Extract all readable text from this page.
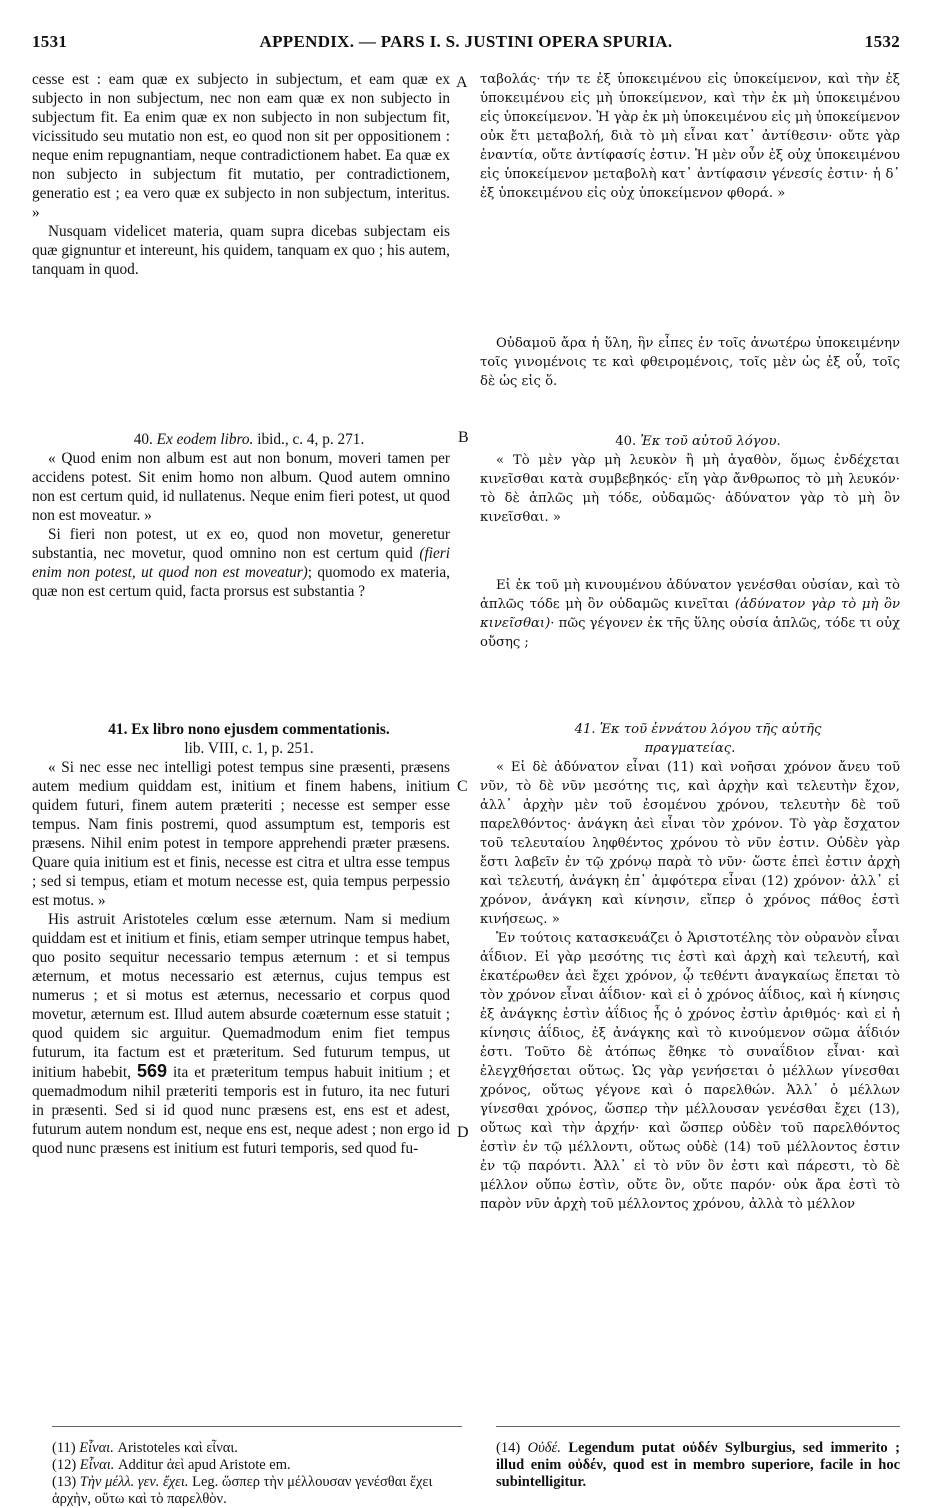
1531	APPENDIX. — PARS I. S. JUSTINI OPERA SPURIA.	1532
A
B
C
D

cesse est : eam quæ ex subjecto in subjectum, et eam quæ ex subjecto in non subjectum, nec non eam quæ ex non subjecto in subjectum fit. Ea enim quæ ex non subjecto in non subjectum fit, vicissitudo seu mutatio non est, eo quod non sit per oppositionem : neque enim repugnantiam, neque contradictionem habet. Ea quæ ex non subjecto in subjectum fit mutatio, per contradictionem, generatio est ; ea vero quæ ex subjecto in non subjectum, interitus. »

Nusquam videlicet materia, quam supra dicebas subjectam eis quæ gignuntur et intereunt, his quidem, tanquam ex quo ; his autem, tanquam in quod.

40. Ex eodem libro. ibid., c. 4, p. 271.

« Quod enim non album est aut non bonum, moveri tamen per accidens potest. Sit enim homo non album. Quod autem omnino non est certum quid, id nullatenus. Neque enim fieri potest, ut quod non est moveatur. »

Si fieri non potest, ut ex eo, quod non movetur, generetur substantia, nec movetur, quod omnino non est certum quid (fieri enim non potest, ut quod non est moveatur); quomodo ex materia, quæ non est certum quid, facta prorsus est substantia ?

41. Ex libro nono ejusdem commentationis.

lib. VIII, c. 1, p. 251.

« Si nec esse nec intelligi potest tempus sine præsenti, præsens autem medium quiddam est, initium et finem habens, initium quidem futuri, finem autem præteriti ; necesse est semper esse tempus. Nam finis postremi, quod assumptum est, temporis est præsens. Nihil enim potest in tempore apprehendi præter præsens. Quare quia initium est et finis, necesse est citra et ultra esse tempus ; sed si tempus, etiam et motum necesse est, quia tempus perpessio est motus. »

His astruit Aristoteles cœlum esse æternum. Nam si medium quiddam est et initium et finis, etiam semper utrinque tempus habet, quo posito sequitur necessario tempus æternum : et si tempus æternum, et motus necessario est æternus, cujus tempus est numerus ; et si motus est æternus, necessario et corpus quod movetur, æternum est. Illud autem absurde coæternum esse statuit ; quod quidem sic arguitur. Quemadmodum enim fiet tempus futurum, ita factum est et præteritum. Sed futurum tempus, ut initium habebit, 569 ita et præteritum tempus habuit initium ; et quemadmodum nihil præteriti temporis est in futuro, ita nec futuri in præsenti. Sed si id quod nunc præsens est, ens est et adest, futurum autem nondum est, neque ens est, neque adest ; non ergo id quod nunc præsens est initium est futuri temporis, sed quod fu-

ταβολάς· τήν τε ἐξ ὑποκειμένου εἰς ὑποκείμενον, καὶ τὴν ἐξ ὑποκειμένου εἰς μὴ ὑποκείμενον, καὶ τὴν ἐκ μὴ ὑποκειμένου εἰς ὑποκείμενον. Ἡ γὰρ ἐκ μὴ ὑποκειμένου εἰς μὴ ὑποκείμενον οὐκ ἔτι μεταβολή, διὰ τὸ μὴ εἶναι κατ᾽ ἀντίθεσιν· οὔτε γὰρ ἐναντία, οὔτε ἀντίφασίς ἐστιν. Ἡ μὲν οὖν ἐξ οὐχ ὑποκειμένου εἰς ὑποκείμενον μεταβολὴ κατ᾽ ἀντίφασιν γένεσίς ἐστιν· ἡ δ᾽ ἐξ ὑποκειμένου εἰς οὐχ ὑποκείμενον φθορά. »

Οὐδαμοῦ ἄρα ἡ ὕλη, ἣν εἶπες ἐν τοῖς ἀνωτέρω ὑποκειμένην τοῖς γινομένοις τε καὶ φθειρομένοις, τοῖς μὲν ὡς ἐξ οὗ, τοῖς δὲ ὡς εἰς ὅ.

40. Ἐκ τοῦ αὐτοῦ λόγου.

« Τὸ μὲν γὰρ μὴ λευκὸν ἢ μὴ ἀγαθὸν, ὅμως ἐνδέχεται κινεῖσθαι κατὰ συμβεβηκός· εἴη γὰρ ἄνθρωπος τὸ μὴ λευκόν· τὸ δὲ ἁπλῶς μὴ τόδε, οὐδαμῶς· ἀδύνατον γὰρ τὸ μὴ ὂν κινεῖσθαι. »

Εἰ ἐκ τοῦ μὴ κινουμένου ἀδύνατον γενέσθαι οὐσίαν, καὶ τὸ ἁπλῶς τόδε μὴ ὂν οὐδαμῶς κινεῖται (ἀδύνατον γὰρ τὸ μὴ ὂν κινεῖσθαι)· πῶς γέγονεν ἐκ τῆς ὕλης οὐσία ἁπλῶς, τόδε τι οὐχ οὔσης ;

41. Ἐκ τοῦ ἐννάτου λόγου τῆς αὐτῆς
πραγματείας.

« Εἰ δὲ ἀδύνατον εἶναι (11) καὶ νοῆσαι χρόνον ἄνευ τοῦ νῦν, τὸ δὲ νῦν μεσότης τις, καὶ ἀρχὴν καὶ τελευτὴν ἔχον, ἀλλ᾽ ἀρχὴν μὲν τοῦ ἐσομένου χρόνου, τελευτὴν δὲ τοῦ παρελθόντος· ἀνάγκη ἀεὶ εἶναι τὸν χρόνον. Τὸ γὰρ ἔσχατον τοῦ τελευταίου ληφθέντος χρόνου τὸ νῦν ἐστιν. Οὐδὲν γὰρ ἔστι λαβεῖν ἐν τῷ χρόνῳ παρὰ τὸ νῦν· ὥστε ἐπεὶ ἐστιν ἀρχὴ καὶ τελευτή, ἀνάγκη ἐπ᾽ ἀμφότερα εἶναι (12) χρόνον· ἀλλ᾽ εἰ χρόνον, ἀνάγκη καὶ κίνησιν, εἴπερ ὁ χρόνος πάθος ἐστὶ κινήσεως. »

Ἐν τούτοις κατασκευάζει ὁ Ἀριστοτέλης τὸν οὐρανὸν εἶναι ἀΐδιον. Εἰ γὰρ μεσότης τις ἐστὶ καὶ ἀρχὴ καὶ τελευτή, καὶ ἑκατέρωθεν ἀεὶ ἔχει χρόνον, ᾧ τεθέντι ἀναγκαίως ἕπεται τὸ τὸν χρόνον εἶναι ἀΐδιον· καὶ εἰ ὁ χρόνος ἀΐδιος, καὶ ἡ κίνησις ἐξ ἀνάγκης ἐστὶν ἀΐδιος ἧς ὁ χρόνος ἐστὶν ἀριθμός· καὶ εἰ ἡ κίνησις ἀΐδιος, ἐξ ἀνάγκης καὶ τὸ κινούμενον σῶμα ἀΐδιόν ἐστι. Τοῦτο δὲ ἀτόπως ἔθηκε τὸ συναΐδιον εἶναι· καὶ ἐλεγχθήσεται οὕτως. Ὡς γὰρ γενήσεται ὁ μέλλων γίνεσθαι χρόνος, οὕτως γέγονε καὶ ὁ παρελθών. Ἀλλ᾽ ὁ μέλλων γίνεσθαι χρόνος, ὥσπερ τὴν μέλλουσαν γενέσθαι ἔχει (13), οὕτως καὶ τὴν ἀρχήν· καὶ ὥσπερ οὐδὲν τοῦ παρελθόντος ἐστὶν ἐν τῷ μέλλοντι, οὕτως οὐδὲ (14) τοῦ μέλλοντος ἐστιν ἐν τῷ παρόντι. Ἀλλ᾽ εἰ τὸ νῦν ὂν ἐστι καὶ πάρεστι, τὸ δὲ μέλλον οὔπω ἐστὶν, οὔτε ὂν, οὔτε παρόν· οὐκ ἄρα ἐστὶ τὸ παρὸν νῦν ἀρχὴ τοῦ μέλλοντος χρόνου, ἀλλὰ τὸ μέλλον

(11) Εἶναι. Aristoteles καὶ εἶναι.
(12) Εἶναι. Additur ἀεὶ apud Aristote em.
(13) Τὴν μέλλ. γεν. ἔχει. Leg. ὥσπερ τὴν μέλλουσαν γενέσθαι ἔχει ἀρχὴν, οὕτω καὶ τὸ παρελθὸν.
(14) Οὐδέ. Legendum putat οὐδέν Sylburgius, sed immerito ; illud enim οὐδέν, quod est in membro superiore, facile in hoc subintelligitur.
